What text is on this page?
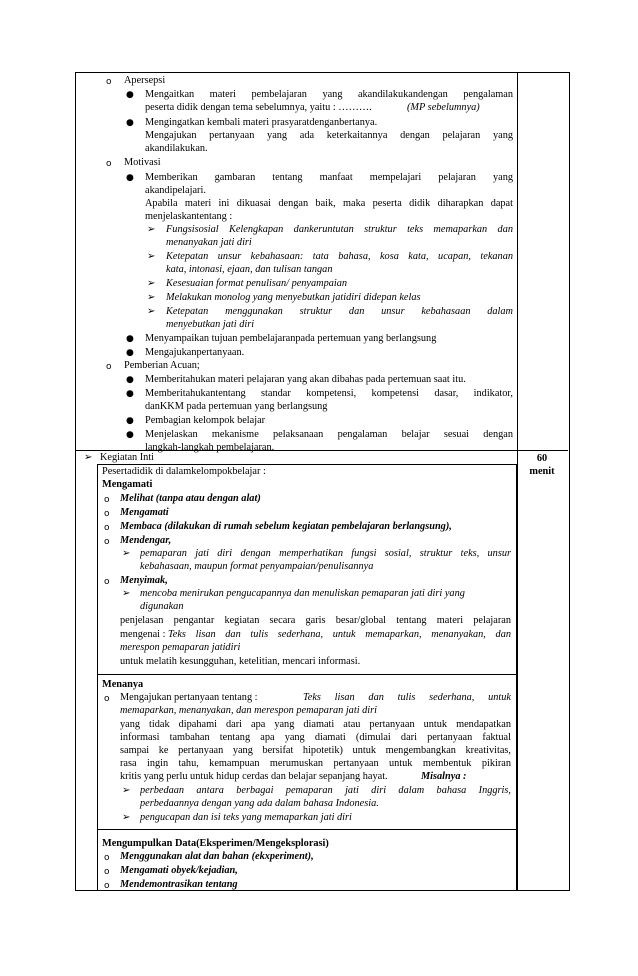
o Apersepsi
● Mengaitkan materi pembelajaran yang akandilakukandengan pengalaman
peserta didik dengan tema sebelumnya, yaitu : ……….	(MP sebelumnya)
● Mengingatkan kembali materi prasyaratdenganbertanya.
Mengajukan pertanyaan yang ada keterkaitannya dengan pelajaran yang
akandilakukan.
o Motivasi
● Memberikan gambaran tentang manfaat mempelajari pelajaran yang
akandipelajari.
Apabila materi ini dikuasai dengan baik, maka peserta didik diharapkan dapat
menjelaskantentang :
➢ Fungsisosial Kelengkapan dankeruntutan struktur teks memaparkan dan
menanyakan jati diri
➢ Ketepatan unsur kebahasaan: tata bahasa, kosa kata, ucapan, tekanan
kata, intonasi, ejaan, dan tulisan tangan
➢ Kesesuaian format penulisan/ penyampaian
➢ Melakukan monolog yang menyebutkan jatidiri didepan kelas
➢ Ketepatan menggunakan struktur dan unsur kebahasaan dalam
menyebutkan jati diri
● Menyampaikan tujuan pembelajaranpada pertemuan yang berlangsung
● Mengajukanpertanyaan.
o Pemberian Acuan;
● Memberitahukan materi pelajaran yang akan dibahas pada pertemuan saat itu.
● Memberitahukantentang standar kompetensi, kompetensi dasar, indikator,
danKKM pada pertemuan yang berlangsung
● Pembagian kelompok belajar
● Menjelaskan mekanisme pelaksanaan pengalaman belajar sesuai dengan
langkah-langkah pembelajaran.
➢ Kegiatan Inti	60
menit
Pesertadidik di dalamkelompokbelajar :
Mengamati
o Melihat (tanpa atau dengan alat)
o Mengamati
o Membaca (dilakukan di rumah sebelum kegiatan pembelajaran berlangsung),
o Mendengar,
➢ pemaparan jati diri dengan memperhatikan fungsi sosial, struktur teks, unsur
kebahasaan, maupun format penyampaian/penulisannya
o Menyimak,
➢ mencoba menirukan pengucapannya dan menuliskan pemaparan jati diri yang
digunakan
penjelasan pengantar kegiatan secara garis besar/global tentang materi pelajaran
mengenai : Teks lisan dan tulis sederhana, untuk memaparkan, menanyakan, dan
merespon pemaparan jatidiri
untuk melatih kesungguhan, ketelitian, mencari informasi.
Menanya
o Mengajukan pertanyaan tentang :	Teks lisan dan tulis sederhana, untuk
memaparkan, menanyakan, dan merespon pemaparan jati diri
yang tidak dipahami dari apa yang diamati atau pertanyaan untuk mendapatkan
informasi tambahan tentang apa yang diamati (dimulai dari pertanyaan faktual
sampai ke pertanyaan yang bersifat hipotetik) untuk mengembangkan kreativitas,
rasa ingin tahu, kemampuan merumuskan pertanyaan untuk membentuk pikiran
kritis yang perlu untuk hidup cerdas dan belajar sepanjang hayat.	Misalnya :
➢ perbedaan antara berbagai pemaparan jati diri dalam bahasa Inggris,
perbedaannya dengan yang ada dalam bahasa Indonesia.
➢ pengucapan dan isi teks yang memaparkan jati diri
Mengumpulkan Data(Eksperimen/Mengeksplorasi)
o Menggunakan alat dan bahan (ekxperiment),
o Mengamati obyek/kejadian,
o Mendemontrasikan tentang
